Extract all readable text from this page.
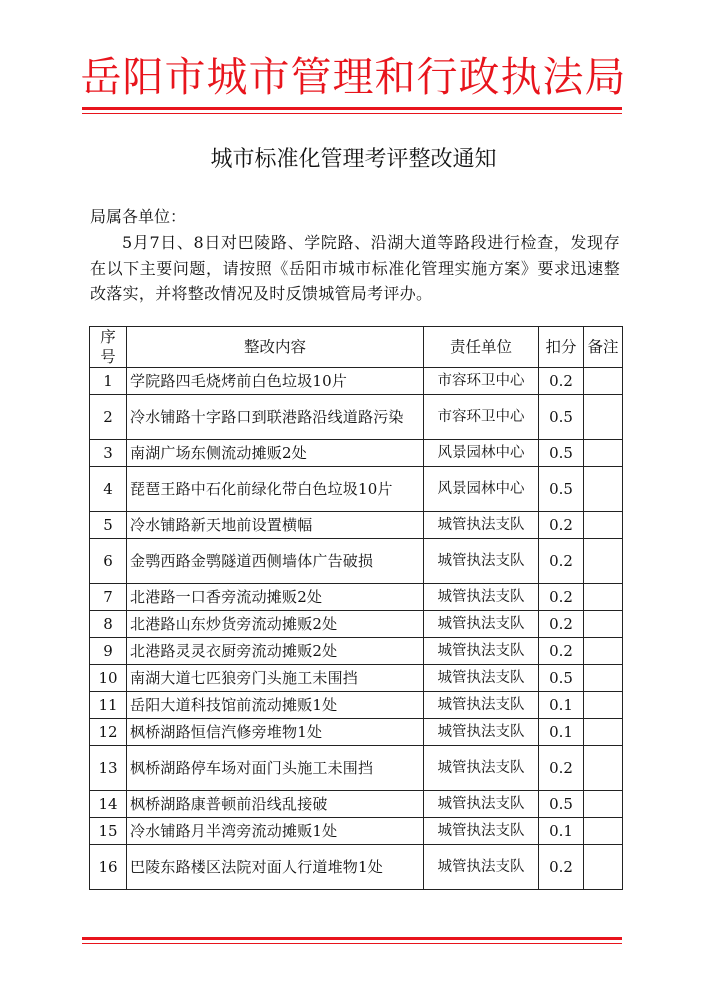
岳阳市城市管理和行政执法局
城市标准化管理考评整改通知
局属各单位：
5月7日、8日对巴陵路、学院路、沿湖大道等路段进行检查，发现存在以下主要问题，请按照《岳阳市城市标准化管理实施方案》要求迅速整改落实，并将整改情况及时反馈城管局考评办。
序号	整改内容	责任单位	扣分	备注
1	学院路四毛烧烤前白色垃圾10片	市容环卫中心	0.2	
2	冷水铺路十字路口到联港路沿线道路污染	市容环卫中心	0.5	
3	南湖广场东侧流动摊贩2处	风景园林中心	0.5	
4	琵琶王路中石化前绿化带白色垃圾10片	风景园林中心	0.5	
5	冷水铺路新天地前设置横幅	城管执法支队	0.2	
6	金鹗西路金鹗隧道西侧墙体广告破损	城管执法支队	0.2	
7	北港路一口香旁流动摊贩2处	城管执法支队	0.2	
8	北港路山东炒货旁流动摊贩2处	城管执法支队	0.2	
9	北港路灵灵衣厨旁流动摊贩2处	城管执法支队	0.2	
10	南湖大道七匹狼旁门头施工未围挡	城管执法支队	0.5	
11	岳阳大道科技馆前流动摊贩1处	城管执法支队	0.1	
12	枫桥湖路恒信汽修旁堆物1处	城管执法支队	0.1	
13	枫桥湖路停车场对面门头施工未围挡	城管执法支队	0.2	
14	枫桥湖路康普顿前沿线乱接破	城管执法支队	0.5	
15	冷水铺路月半湾旁流动摊贩1处	城管执法支队	0.1	
16	巴陵东路楼区法院对面人行道堆物1处	城管执法支队	0.2	
